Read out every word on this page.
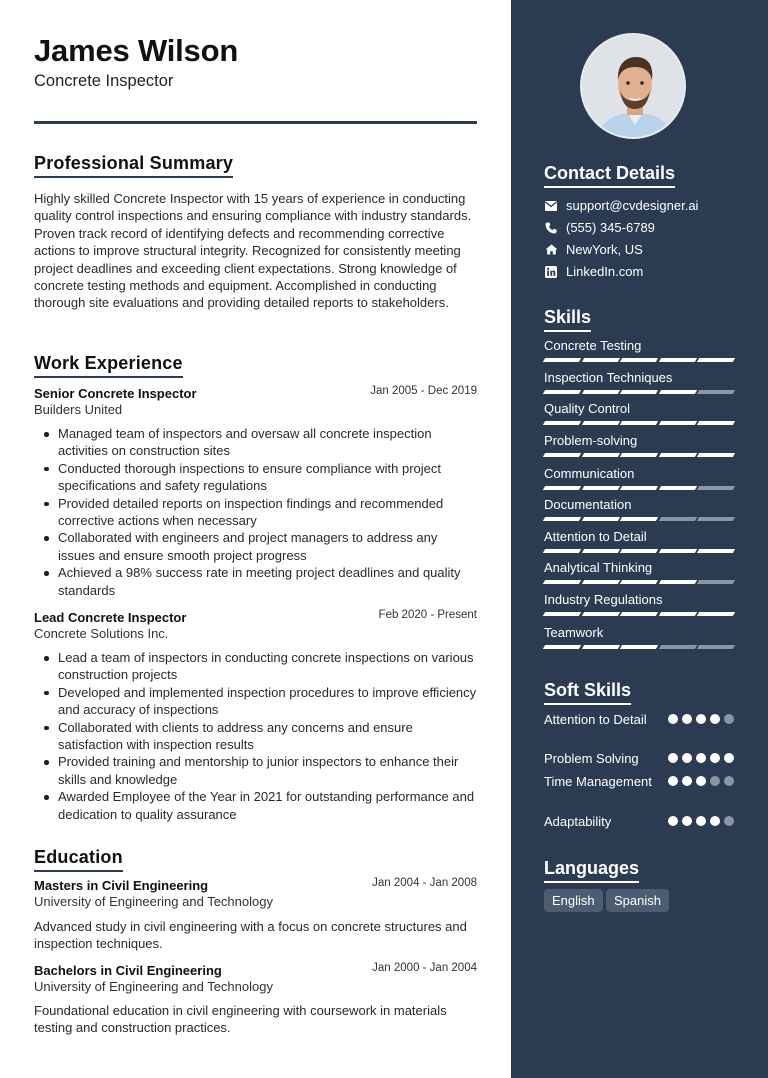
James Wilson
Concrete Inspector
Professional Summary
Highly skilled Concrete Inspector with 15 years of experience in conducting quality control inspections and ensuring compliance with industry standards. Proven track record of identifying defects and recommending corrective actions to improve structural integrity. Recognized for consistently meeting project deadlines and exceeding client expectations. Strong knowledge of concrete testing methods and equipment. Accomplished in conducting thorough site evaluations and providing detailed reports to stakeholders.
Work Experience
Senior Concrete Inspector	Jan 2005 - Dec 2019
Builders United
Managed team of inspectors and oversaw all concrete inspection activities on construction sites
Conducted thorough inspections to ensure compliance with project specifications and safety regulations
Provided detailed reports on inspection findings and recommended corrective actions when necessary
Collaborated with engineers and project managers to address any issues and ensure smooth project progress
Achieved a 98% success rate in meeting project deadlines and quality standards
Lead Concrete Inspector	Feb 2020 - Present
Concrete Solutions Inc.
Lead a team of inspectors in conducting concrete inspections on various construction projects
Developed and implemented inspection procedures to improve efficiency and accuracy of inspections
Collaborated with clients to address any concerns and ensure satisfaction with inspection results
Provided training and mentorship to junior inspectors to enhance their skills and knowledge
Awarded Employee of the Year in 2021 for outstanding performance and dedication to quality assurance
Education
Masters in Civil Engineering	Jan 2004 - Jan 2008
University of Engineering and Technology
Advanced study in civil engineering with a focus on concrete structures and inspection techniques.
Bachelors in Civil Engineering	Jan 2000 - Jan 2004
University of Engineering and Technology
Foundational education in civil engineering with coursework in materials testing and construction practices.
Contact Details
support@cvdesigner.ai
(555) 345-6789
NewYork, US
LinkedIn.com
Skills
Concrete Testing
Inspection Techniques
Quality Control
Problem-solving
Communication
Documentation
Attention to Detail
Analytical Thinking
Industry Regulations
Teamwork
Soft Skills
Attention to Detail
Problem Solving
Time Management
Adaptability
Languages
English	Spanish
